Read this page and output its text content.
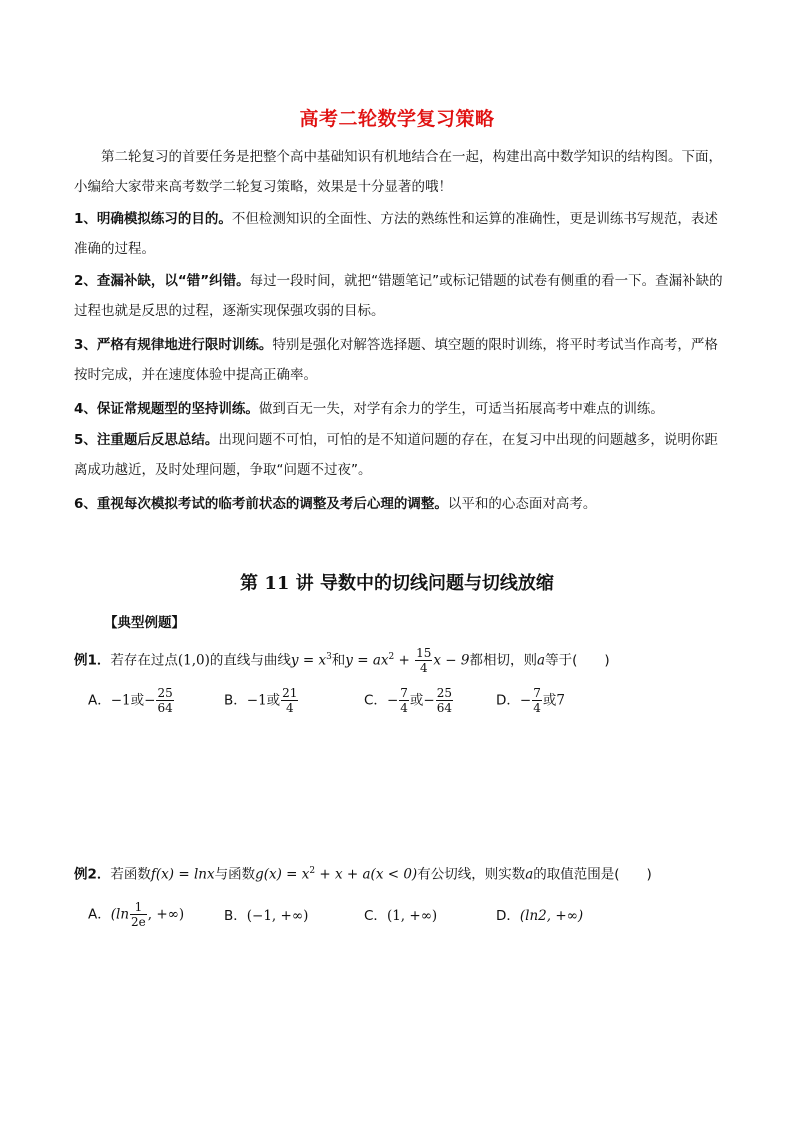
高考二轮数学复习策略
第二轮复习的首要任务是把整个高中基础知识有机地结合在一起，构建出高中数学知识的结构图。下面，小编给大家带来高考数学二轮复习策略，效果是十分显著的哦！
1、明确模拟练习的目的。不但检测知识的全面性、方法的熟练性和运算的准确性，更是训练书写规范，表述准确的过程。
2、查漏补缺，以“错”纠错。每过一段时间，就把“错题笔记”或标记错题的试卷有侧重的看一下。查漏补缺的过程也就是反思的过程，逐渐实现保强攻弱的目标。
3、严格有规律地进行限时训练。特别是强化对解答选择题、填空题的限时训练，将平时考试当作高考，严格按时完成，并在速度体验中提高正确率。
4、保证常规题型的坚持训练。做到百无一失，对学有余力的学生，可适当拓展高考中难点的训练。
5、注重题后反思总结。出现问题不可怕，可怕的是不知道问题的存在，在复习中出现的问题越多，说明你距离成功越近，及时处理问题，争取“问题不过夜”。
6、重视每次模拟考试的临考前状态的调整及考后心理的调整。以平和的心态面对高考。
第 11 讲 导数中的切线问题与切线放缩
【典型例题】
例1．若存在过点(1,0)的直线与曲线$y = x^3$和$y = ax^2 + \frac{15}{4}$ x − 9都相切，则a等于(　　)
A．−1或− $\frac{25}{64}$	B．−1或 $\frac{21}{4}$	C．− $\frac{7}{4}$ 或− $\frac{25}{64}$	D．− $\frac{7}{4}$ 或7
例2．若函数f(x) = lnx与函数$g(x) = x^2 + x + a(x < 0)$有公切线，则实数a的取值范围是(　　)
A．($\ln \frac{1}{2e}$ , +∞)	B．(−1, +∞)	C．(1, +∞)	D．(ln2, +∞)
